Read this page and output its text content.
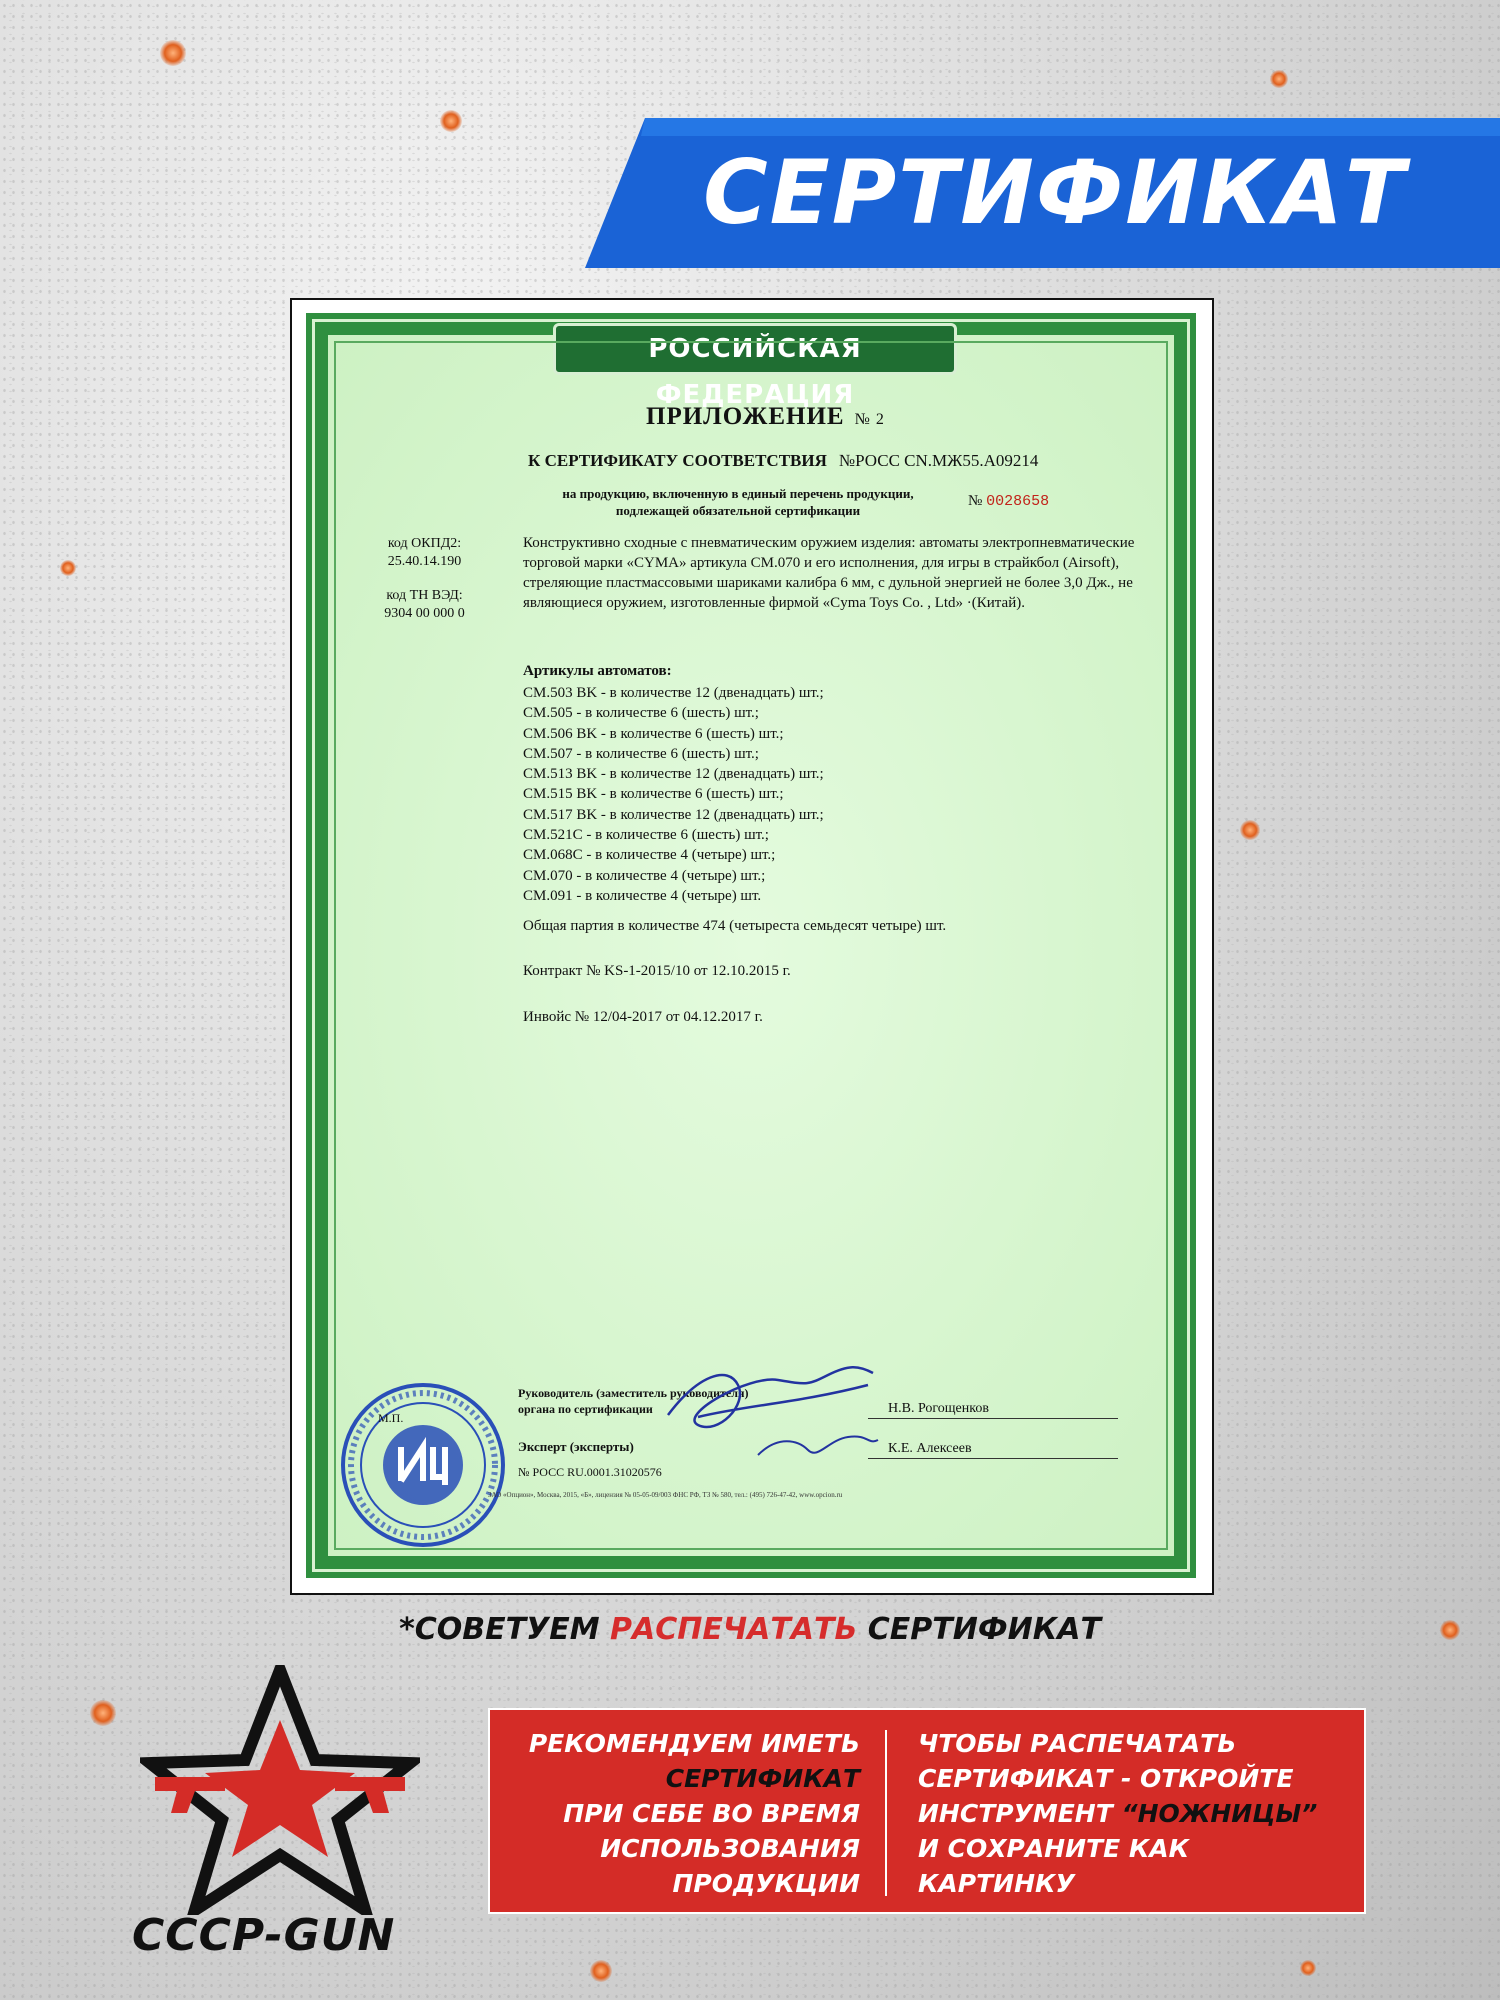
СЕРТИФИКАТ
РОССИЙСКАЯ ФЕДЕРАЦИЯ
ПРИЛОЖЕНИЕ № 2
К СЕРТИФИКАТУ СООТВЕТСТВИЯ №РОСС CN.МЖ55.А09214
на продукцию, включенную в единый перечень продукции,
подлежащей обязательной сертификации
№ 0028658
код ОКПД2:
25.40.14.190
код ТН ВЭД:
9304 00 000 0
Конструктивно сходные с пневматическим оружием изделия: автоматы электропневматические торговой марки «CYMA» артикула CM.070 и его исполнения, для игры в страйкбол (Airsoft), стреляющие пластмассовыми шариками калибра 6 мм, с дульной энергией не более 3,0 Дж., не являющиеся оружием, изготовленные фирмой «Cyma Toys Co. , Ltd» ·(Китай).
Артикулы автоматов:
CM.503 BK - в количестве 12 (двенадцать) шт.;
CM.505 - в количестве 6 (шесть) шт.;
CM.506 BK - в количестве 6 (шесть) шт.;
CM.507 - в количестве 6 (шесть) шт.;
CM.513 BK - в количестве 12 (двенадцать) шт.;
CM.515 BK - в количестве 6 (шесть) шт.;
CM.517 BK - в количестве 12 (двенадцать) шт.;
CM.521C - в количестве 6 (шесть) шт.;
CM.068C - в количестве 4 (четыре) шт.;
CM.070 - в количестве 4 (четыре) шт.;
CM.091 - в количестве 4 (четыре) шт.
Общая партия в количестве 474 (четыреста семьдесят четыре) шт.
Контракт № KS-1-2015/10 от 12.10.2015 г.
Инвойс № 12/04-2017 от 04.12.2017 г.
М.П.
Руководитель (заместитель руководителя)
органа по сертификации	Н.В. Рогощенков
Эксперт (эксперты)	К.Е. Алексеев
№ РОСС RU.0001.31020576
ЗАО «Опцион», Москва, 2015, «Б», лицензия № 05-05-09/003 ФНС РФ, ТЗ № 580, тел.: (495) 726-47-42, www.opcion.ru
*СОВЕТУЕМ РАСПЕЧАТАТЬ СЕРТИФИКАТ
CCCP-GUN
РЕКОМЕНДУЕМ ИМЕТЬ
СЕРТИФИКАТ
ПРИ СЕБЕ ВО ВРЕМЯ
ИСПОЛЬЗОВАНИЯ
ПРОДУКЦИИ
ЧТОБЫ РАСПЕЧАТАТЬ
СЕРТИФИКАТ - ОТКРОЙТЕ
ИНСТРУМЕНТ “НОЖНИЦЫ”
И СОХРАНИТЕ КАК
КАРТИНКУ
